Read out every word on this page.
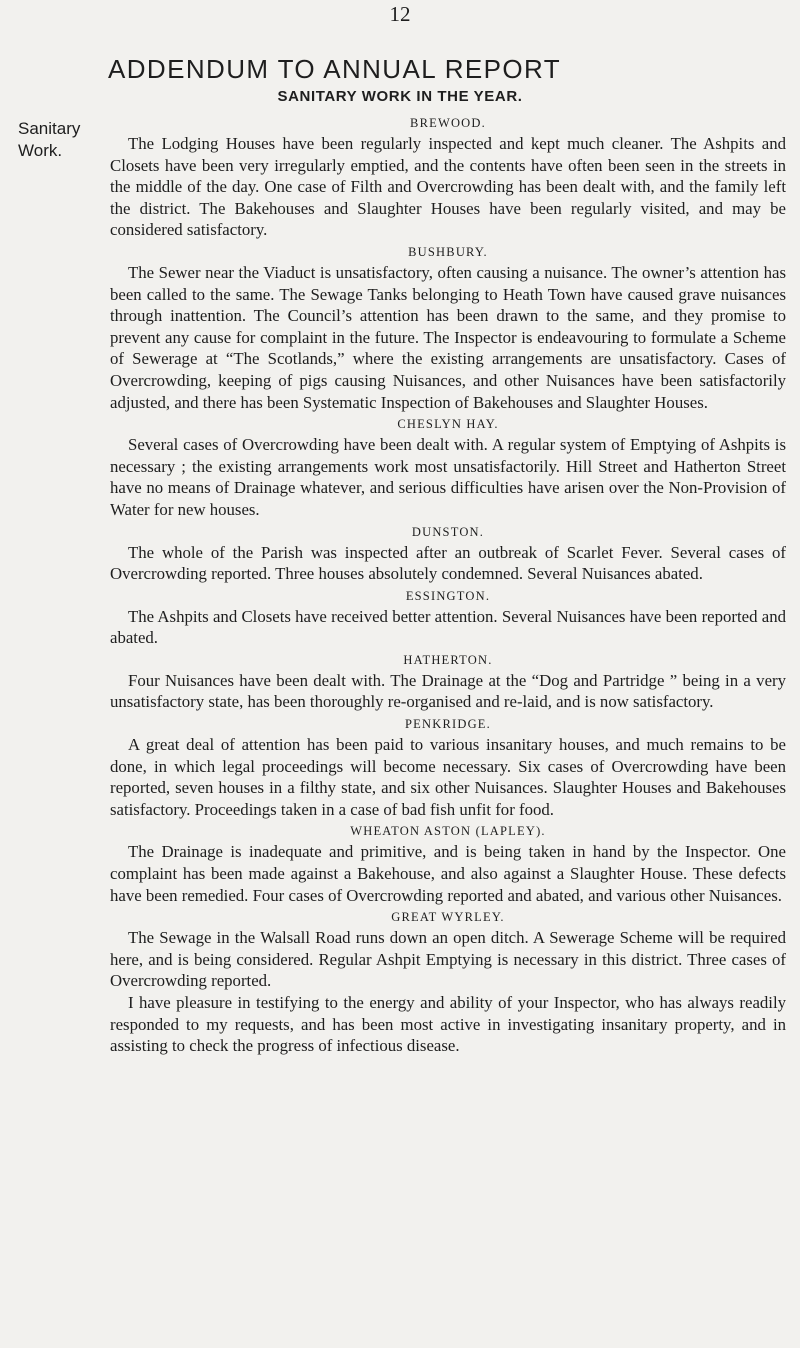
12
ADDENDUM TO ANNUAL REPORT
SANITARY WORK IN THE YEAR.
Sanitary
Work.
BREWOOD.

The Lodging Houses have been regularly inspected and kept much cleaner. The Ashpits and Closets have been very irregularly emptied, and the contents have often been seen in the streets in the middle of the day. One case of Filth and Overcrowding has been dealt with, and the family left the district. The Bakehouses and Slaughter Houses have been regularly visited, and may be considered satisfactory.

BUSHBURY.

The Sewer near the Viaduct is unsatisfactory, often causing a nuisance. The owner’s attention has been called to the same. The Sewage Tanks belonging to Heath Town have caused grave nuisances through inattention. The Council’s attention has been drawn to the same, and they promise to prevent any cause for complaint in the future. The Inspector is endeavouring to formulate a Scheme of Sewerage at “The Scotlands,” where the existing arrangements are unsatisfactory. Cases of Overcrowding, keeping of pigs causing Nuisances, and other Nuisances have been satisfactorily adjusted, and there has been Systematic Inspection of Bakehouses and Slaughter Houses.

CHESLYN HAY.

Several cases of Overcrowding have been dealt with. A regular system of Emptying of Ashpits is necessary ; the existing arrangements work most unsatisfactorily. Hill Street and Hatherton Street have no means of Drainage whatever, and serious difficulties have arisen over the Non-Provision of Water for new houses.

DUNSTON.

The whole of the Parish was inspected after an outbreak of Scarlet Fever. Several cases of Overcrowding reported. Three houses absolutely condemned. Several Nuisances abated.

ESSINGTON.

The Ashpits and Closets have received better attention. Several Nuisances have been reported and abated.

HATHERTON.

Four Nuisances have been dealt with. The Drainage at the “Dog and Partridge ” being in a very unsatisfactory state, has been thoroughly re-organised and re-laid, and is now satisfactory.

PENKRIDGE.

A great deal of attention has been paid to various insanitary houses, and much remains to be done, in which legal proceedings will become necessary. Six cases of Overcrowding have been reported, seven houses in a filthy state, and six other Nuisances. Slaughter Houses and Bakehouses satisfactory. Proceedings taken in a case of bad fish unfit for food.

WHEATON ASTON (LAPLEY).

The Drainage is inadequate and primitive, and is being taken in hand by the Inspector. One complaint has been made against a Bakehouse, and also against a Slaughter House. These defects have been remedied. Four cases of Overcrowding reported and abated, and various other Nuisances.

GREAT WYRLEY.

The Sewage in the Walsall Road runs down an open ditch. A Sewerage Scheme will be required here, and is being considered. Regular Ashpit Emptying is necessary in this district. Three cases of Overcrowding reported.

I have pleasure in testifying to the energy and ability of your Inspector, who has always readily responded to my requests, and has been most active in investigating insanitary property, and in assisting to check the progress of infectious disease.
